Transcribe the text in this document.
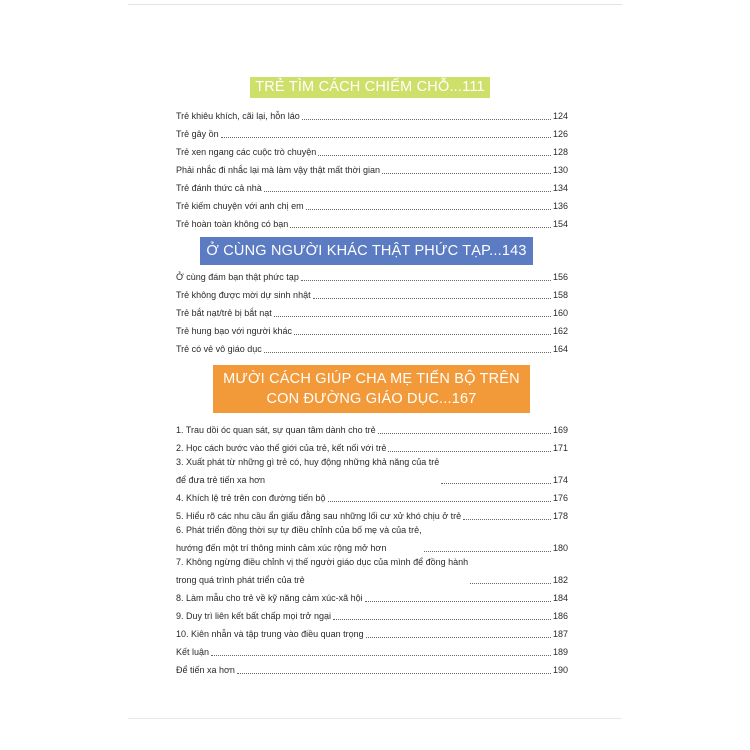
TRẺ TÌM CÁCH CHIẾM CHỖ...111
Trẻ khiêu khích, cãi lại, hỗn láo	124
Trẻ gây ồn	126
Trẻ xen ngang các cuộc trò chuyện	128
Phải nhắc đi nhắc lại mà làm vậy thật mất thời gian	130
Trẻ đánh thức cả nhà	134
Trẻ kiếm chuyện với anh chị em	136
Trẻ hoàn toàn không có bạn	154
Ở CÙNG NGƯỜI KHÁC THẬT PHỨC TẠP...143
Ở cùng đám bạn thật phức tạp	156
Trẻ không được mời dự sinh nhật	158
Trẻ bắt nạt/trẻ bị bắt nạt	160
Trẻ hung bạo với người khác	162
Trẻ có vẻ vô giáo dục	164
MƯỜI CÁCH GIÚP CHA MẸ TIẾN BỘ TRÊN
CON ĐƯỜNG GIÁO DỤC...167
1. Trau dồi óc quan sát, sự quan tâm dành cho trẻ	169
2. Học cách bước vào thế giới của trẻ, kết nối với trẻ	171
3. Xuất phát từ những gì trẻ có, huy động những khả năng của trẻ
để đưa trẻ tiến xa hơn	174
4. Khích lệ trẻ trên con đường tiến bộ	176
5. Hiểu rõ các nhu cầu ẩn giấu đằng sau những lối cư xử khó chịu ở trẻ	178
6. Phát triển đồng thời sự tự điều chỉnh của bố mẹ và của trẻ,
hướng đến một trí thông minh cảm xúc rộng mở hơn	180
7. Không ngừng điều chỉnh vị thế người giáo dục của mình để đồng hành
trong quá trình phát triển của trẻ	182
8. Làm mẫu cho trẻ về kỹ năng cảm xúc-xã hội	184
9. Duy trì liên kết bất chấp mọi trở ngại	186
10. Kiên nhẫn và tập trung vào điều quan trọng	187
Kết luận	189
Để tiến xa hơn	190
